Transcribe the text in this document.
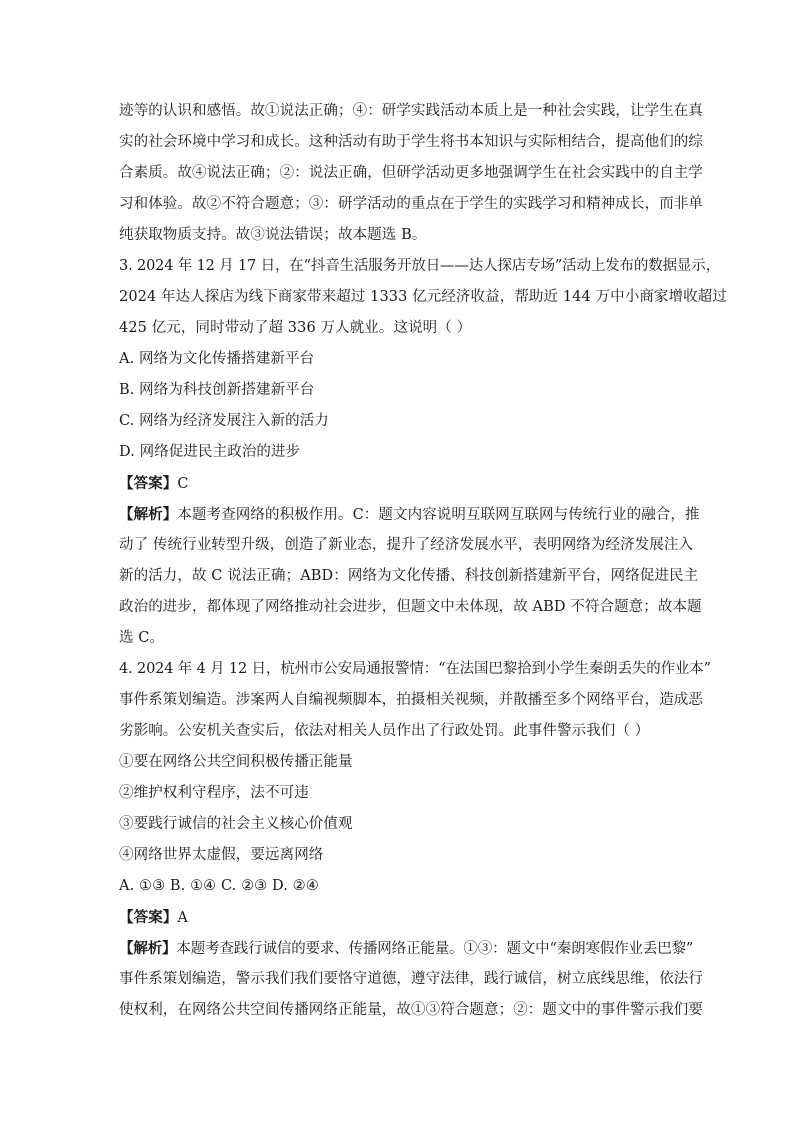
迹等的认识和感悟。故①说法正确；④：研学实践活动本质上是一种社会实践，让学生在真
实的社会环境中学习和成长。这种活动有助于学生将书本知识与实际相结合，提高他们的综
合素质。故④说法正确；②：说法正确，但研学活动更多地强调学生在社会实践中的自主学
习和体验。故②不符合题意；③：研学活动的重点在于学生的实践学习和精神成长，而非单
纯获取物质支持。故③说法错误；故本题选 B。
3. 2024 年 12 月 17 日，在“抖音生活服务开放日——达人探店专场”活动上发布的数据显示，
2024 年达人探店为线下商家带来超过 1333 亿元经济收益，帮助近 144 万中小商家增收超过
425 亿元，同时带动了超 336 万人就业。这说明（ ）
A. 网络为文化传播搭建新平台
B. 网络为科技创新搭建新平台
C. 网络为经济发展注入新的活力
D. 网络促进民主政治的进步
【答案】C
【解析】本题考查网络的积极作用。C：题文内容说明互联网互联网与传统行业的融合，推
动了 传统行业转型升级，创造了新业态，提升了经济发展水平，表明网络为经济发展注入
新的活力，故 C 说法正确；ABD：网络为文化传播、科技创新搭建新平台，网络促进民主
政治的进步，都体现了网络推动社会进步，但题文中未体现，故 ABD 不符合题意；故本题
选 C。
4. 2024 年 4 月 12 日，杭州市公安局通报警情：“在法国巴黎拾到小学生秦朗丢失的作业本”
事件系策划编造。涉案两人自编视频脚本，拍摄相关视频，并散播至多个网络平台，造成恶
劣影响。公安机关查实后，依法对相关人员作出了行政处罚。此事件警示我们（ ）
①要在网络公共空间积极传播正能量
②维护权利守程序，法不可违
③要践行诚信的社会主义核心价值观
④网络世界太虚假，要远离网络
A. ①③ B. ①④ C. ②③ D. ②④
【答案】A
【解析】本题考查践行诚信的要求、传播网络正能量。①③：题文中“秦朗寒假作业丢巴黎”
事件系策划编造，警示我们我们要恪守道德，遵守法律，践行诚信，树立底线思维，依法行
使权利，在网络公共空间传播网络正能量，故①③符合题意；②：题文中的事件警示我们要
